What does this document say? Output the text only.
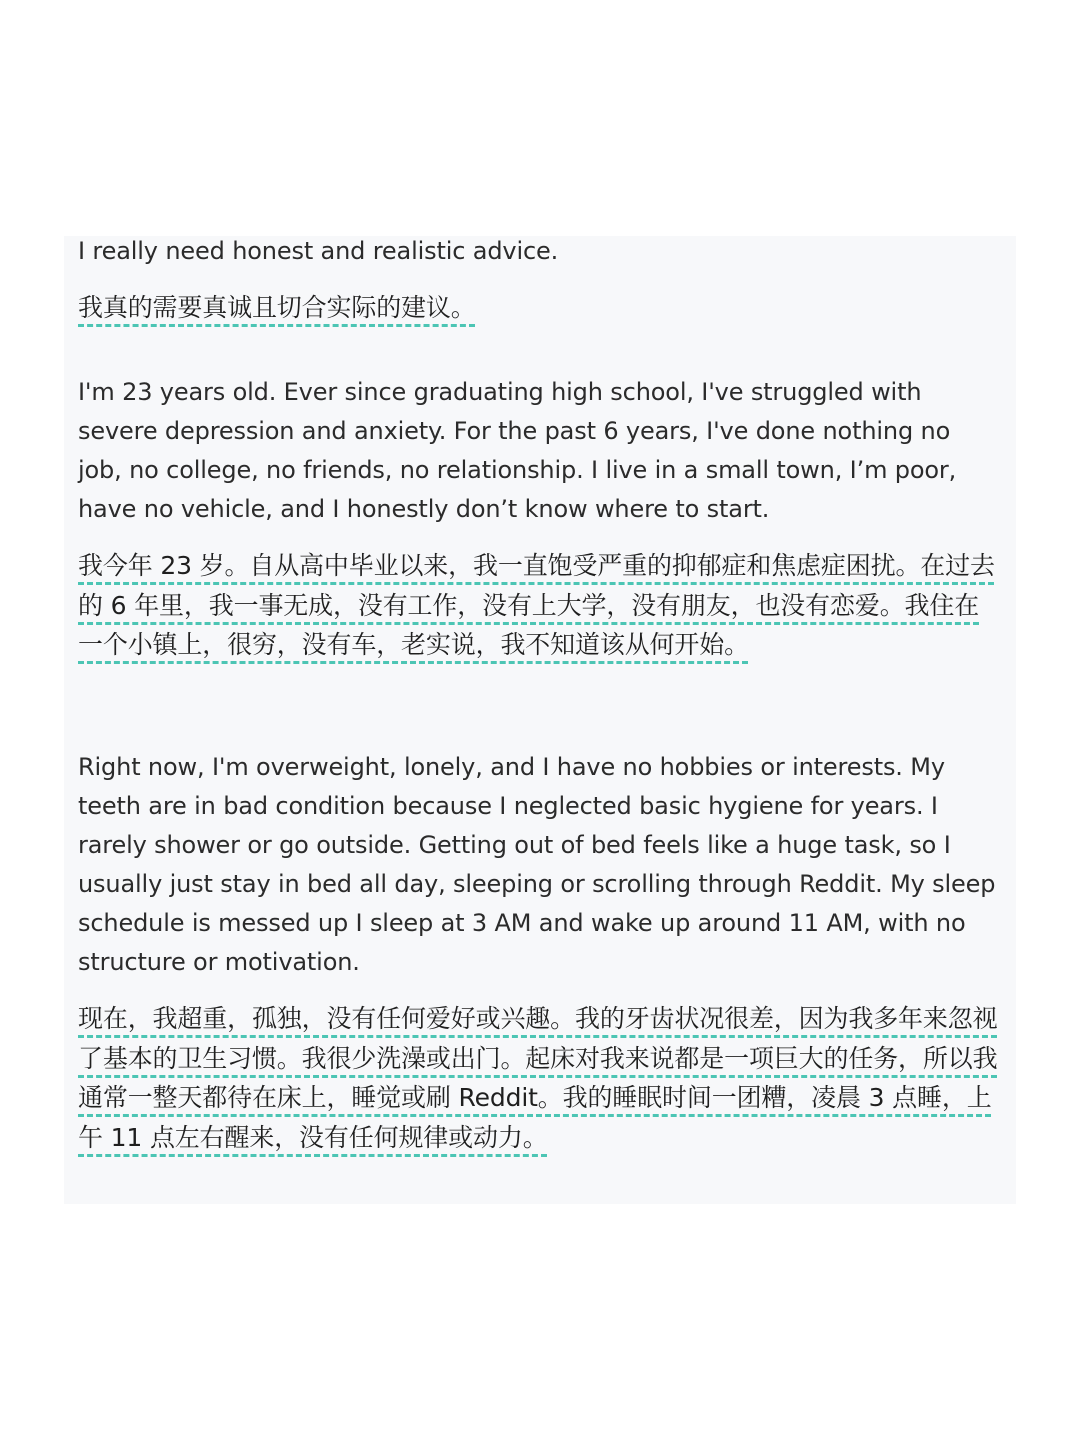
I really need honest and realistic advice.

我真的需要真诚且切合实际的建议。

I'm 23 years old. Ever since graduating high school, I've struggled with severe depression and anxiety. For the past 6 years, I've done nothing no job, no college, no friends, no relationship. I live in a small town, I’m poor, have no vehicle, and I honestly don’t know where to start.

我今年 23 岁。自从高中毕业以来，我一直饱受严重的抑郁症和焦虑症困扰。在过去的 6 年里，我一事无成，没有工作，没有上大学，没有朋友，也没有恋爱。我住在一个小镇上，很穷，没有车，老实说，我不知道该从何开始。

Right now, I'm overweight, lonely, and I have no hobbies or interests. My teeth are in bad condition because I neglected basic hygiene for years. I rarely shower or go outside. Getting out of bed feels like a huge task, so I usually just stay in bed all day, sleeping or scrolling through Reddit. My sleep schedule is messed up I sleep at 3 AM and wake up around 11 AM, with no structure or motivation.

现在，我超重，孤独，没有任何爱好或兴趣。我的牙齿状况很差，因为我多年来忽视了基本的卫生习惯。我很少洗澡或出门。起床对我来说都是一项巨大的任务，所以我通常一整天都待在床上，睡觉或刷 Reddit。我的睡眠时间一团糟，凌晨 3 点睡，上午 11 点左右醒来，没有任何规律或动力。
